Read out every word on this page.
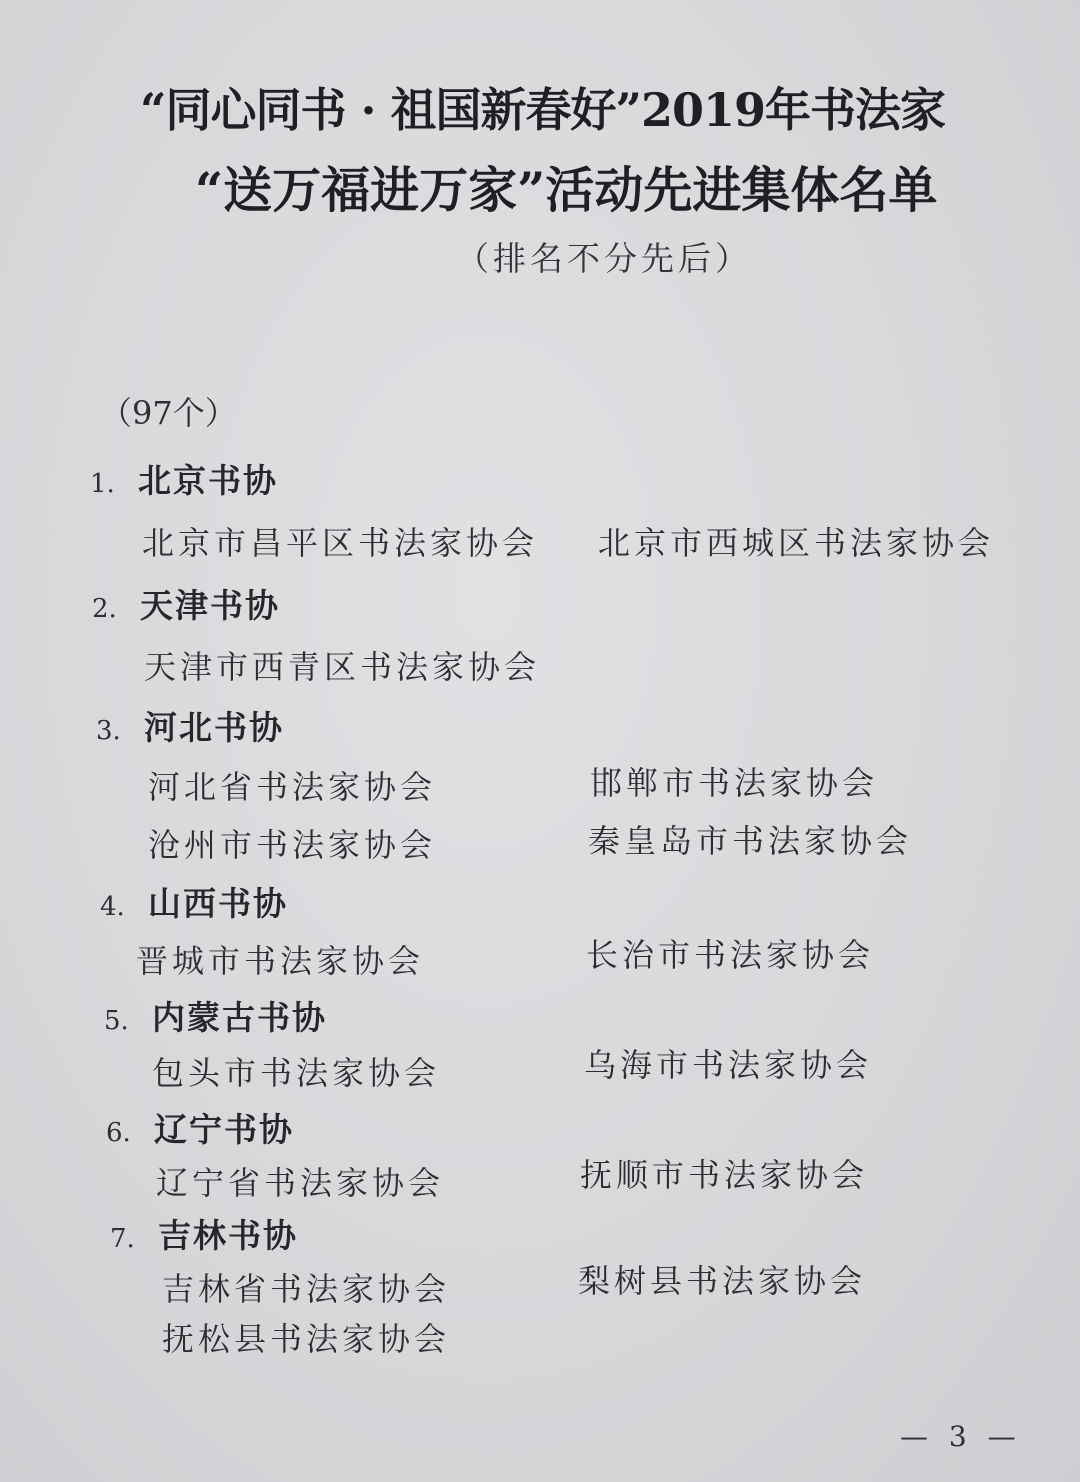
“同心同书 · 祖国新春好”2019年书法家
“送万福进万家”活动先进集体名单
（排名不分先后）
（97个）
1. 北京书协
北京市昌平区书法家协会 北京市西城区书法家协会
2. 天津书协
天津市西青区书法家协会
3. 河北书协
河北省书法家协会	邯郸市书法家协会
沧州市书法家协会	秦皇岛市书法家协会
4. 山西书协
晋城市书法家协会	长治市书法家协会
5. 内蒙古书协
包头市书法家协会	乌海市书法家协会
6. 辽宁书协
辽宁省书法家协会	抚顺市书法家协会
7. 吉林书协
吉林省书法家协会	梨树县书法家协会
抚松县书法家协会
— 3 —
